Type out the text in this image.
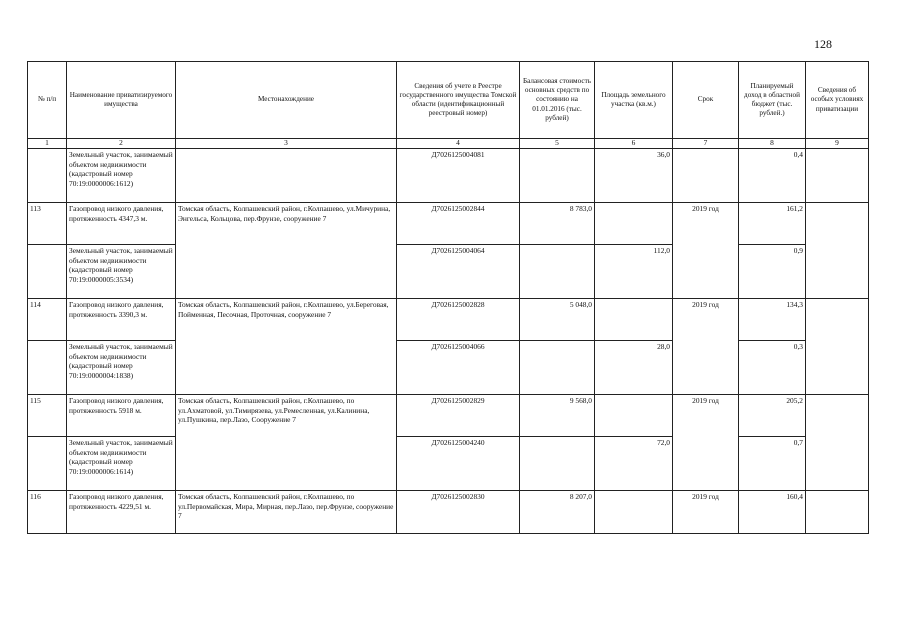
128
№ п/п	Наименование приватизируемого имущества	Местонахождение	Сведения об учете в Реестре государственного имущества Томской области (идентификационный реестровый номер)	Балансовая стоимость основных средств по состоянию на 01.01.2016 (тыс. рублей)	Площадь земельного участка (кв.м.)	Срок	Планируемый доход в областной бюджет (тыс. рублей.)	Сведения об особых условиях приватизации
1	2	3	4	5	6	7	8	9
	Земельный участок, занимаемый объектом недвижимости (кадастровый номер 70:19:0000006:1612)		Д7026125004081		36,0		0,4	
113	Газопровод низкого давления, протяженность 4347,3 м.	Томская область, Колпашевский район, г.Колпашево, ул.Мичурина, Энгельса, Кольцова, пер.Фрунзе, сооружение 7	Д7026125002844	8 783,0		2019 год	161,2	
	Земельный участок, занимаемый объектом недвижимости (кадастровый номер 70:19:0000005:3534)		Д7026125004064		112,0		0,9	
114	Газопровод низкого давления, протяженность 3390,3 м.	Томская область, Колпашевский район, г.Колпашево, ул.Береговая, Пойменная, Песочная, Проточная, сооружение 7	Д7026125002828	5 048,0		2019 год	134,3	
	Земельный участок, занимаемый объектом недвижимости (кадастровый номер 70:19:0000004:1838)		Д7026125004066		28,0		0,3	
115	Газопровод низкого давления, протяженность 5918 м.	Томская область, Колпашевский район, г.Колпашево, по ул.Ахматовой, ул.Тимирязева, ул.Ремесленная, ул.Калинина, ул.Пушкина, пер.Лазо, Сооружение 7	Д7026125002829	9 568,0		2019 год	205,2	
	Земельный участок, занимаемый объектом недвижимости (кадастровый номер 70:19:0000006:1614)		Д7026125004240		72,0		0,7	
116	Газопровод низкого давления, протяженность 4229,51 м.	Томская область, Колпашевский район, г.Колпашево, по ул.Первомайская, Мира, Мирная, пер.Лазо, пер.Фрунзе, сооружение 7	Д7026125002830	8 207,0		2019 год	160,4	
